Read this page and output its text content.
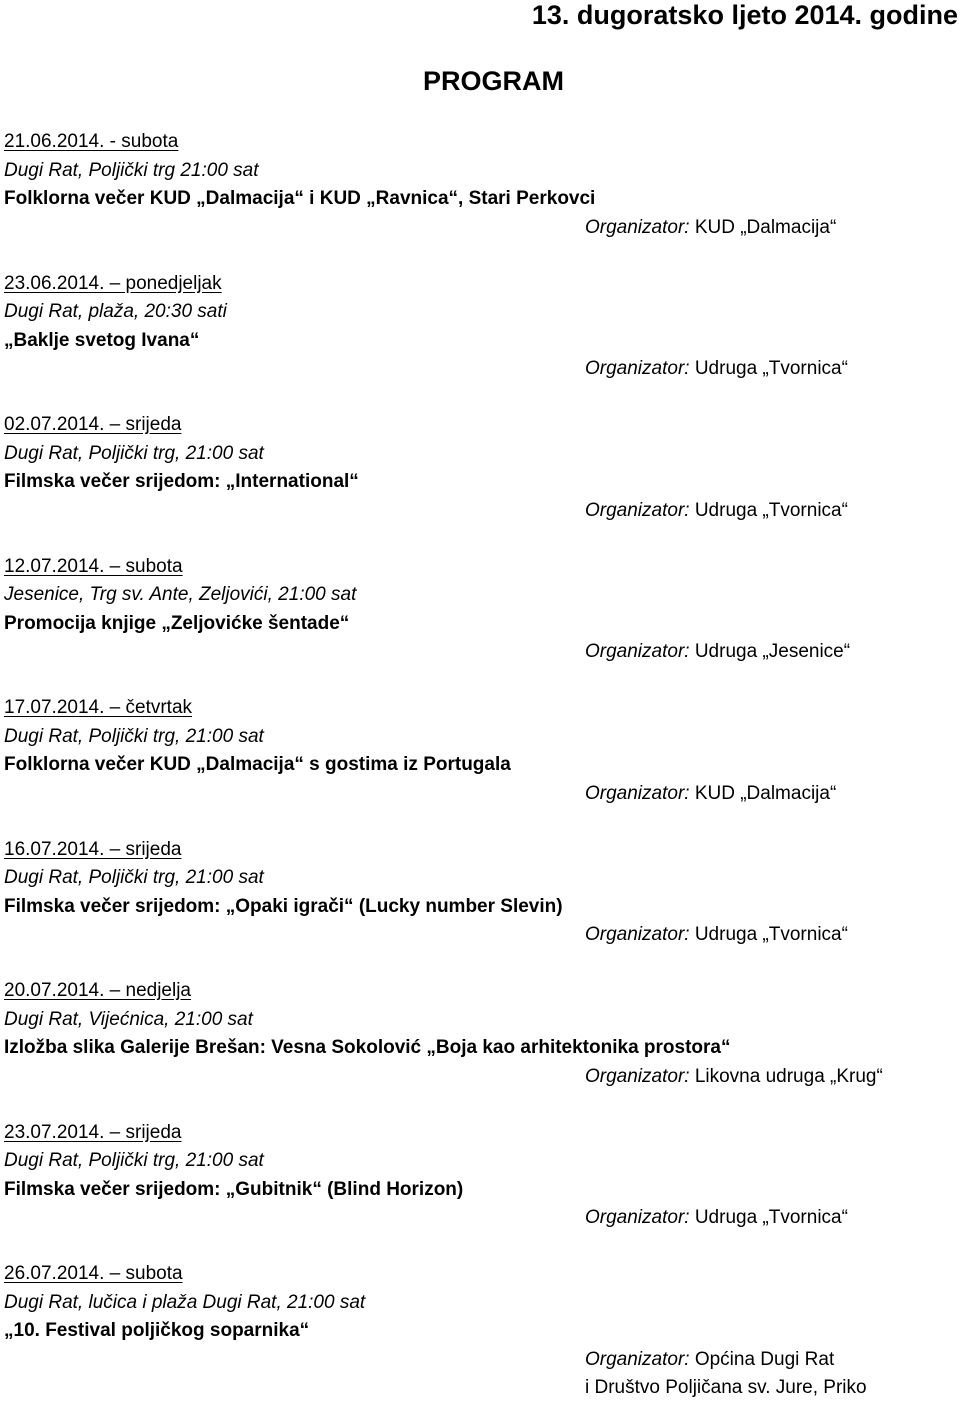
13. dugoratsko ljeto 2014. godine
PROGRAM
21.06.2014. - subota
Dugi Rat, Poljički trg 21:00 sat
Folklorna večer KUD „Dalmacija“ i KUD „Ravnica“, Stari Perkovci
Organizator: KUD „Dalmacija“
23.06.2014. – ponedjeljak
Dugi Rat, plaža, 20:30 sati
„Baklje svetog Ivana“
Organizator: Udruga „Tvornica“
02.07.2014. – srijeda
Dugi Rat, Poljički trg, 21:00 sat
Filmska večer srijedom: „International“
Organizator: Udruga „Tvornica“
12.07.2014. – subota
Jesenice, Trg sv. Ante, Zeljovići, 21:00 sat
Promocija knjige „Zeljovićke šentade“
Organizator: Udruga „Jesenice“
17.07.2014. – četvrtak
Dugi Rat, Poljički trg, 21:00 sat
Folklorna večer KUD „Dalmacija“ s gostima iz Portugala
Organizator: KUD „Dalmacija“
16.07.2014. – srijeda
Dugi Rat, Poljički trg, 21:00 sat
Filmska večer srijedom: „Opaki igrači“ (Lucky number Slevin)
Organizator: Udruga „Tvornica“
20.07.2014. – nedjelja
Dugi Rat, Vijećnica, 21:00 sat
Izložba slika Galerije Brešan: Vesna Sokolović „Boja kao arhitektonika prostora“
Organizator: Likovna udruga „Krug“
23.07.2014. – srijeda
Dugi Rat, Poljički trg, 21:00 sat
Filmska večer srijedom: „Gubitnik“ (Blind Horizon)
Organizator: Udruga „Tvornica“
26.07.2014. – subota
Dugi Rat, lučica i plaža Dugi Rat, 21:00 sat
„10. Festival poljičkog soparnika“
Organizator: Općina Dugi Rat
i Društvo Poljičana sv. Jure, Priko
